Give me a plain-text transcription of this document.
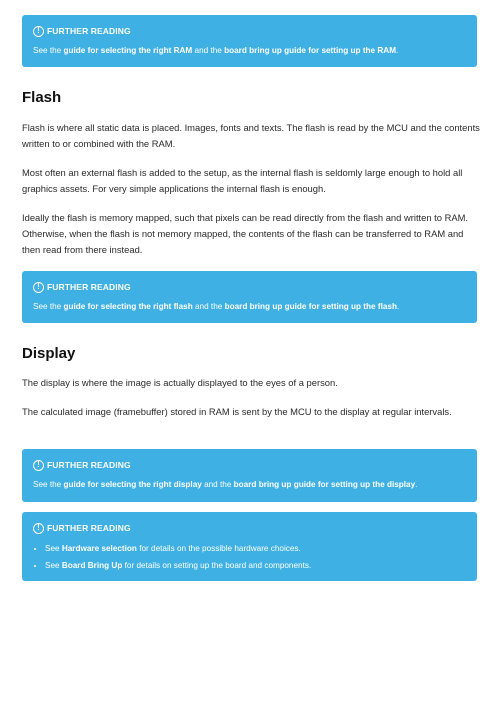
! FURTHER READING
See the guide for selecting the right RAM and the board bring up guide for setting up the RAM.
Flash

Flash is where all static data is placed. Images, fonts and texts. The flash is read by the MCU and the contents written to or combined with the RAM.

Most often an external flash is added to the setup, as the internal flash is seldomly large enough to hold all graphics assets. For very simple applications the internal flash is enough.

Ideally the flash is memory mapped, such that pixels can be read directly from the flash and written to RAM. Otherwise, when the flash is not memory mapped, the contents of the flash can be transferred to RAM and then read from there instead.

! FURTHER READING
See the guide for selecting the right flash and the board bring up guide for setting up the flash.
Display

The display is where the image is actually displayed to the eyes of a person.

The calculated image (framebuffer) stored in RAM is sent by the MCU to the display at regular intervals.

! FURTHER READING
See the guide for selecting the right display and the board bring up guide for setting up the display.
! FURTHER READING
• See Hardware selection for details on the possible hardware choices.
• See Board Bring Up for details on setting up the board and components.
